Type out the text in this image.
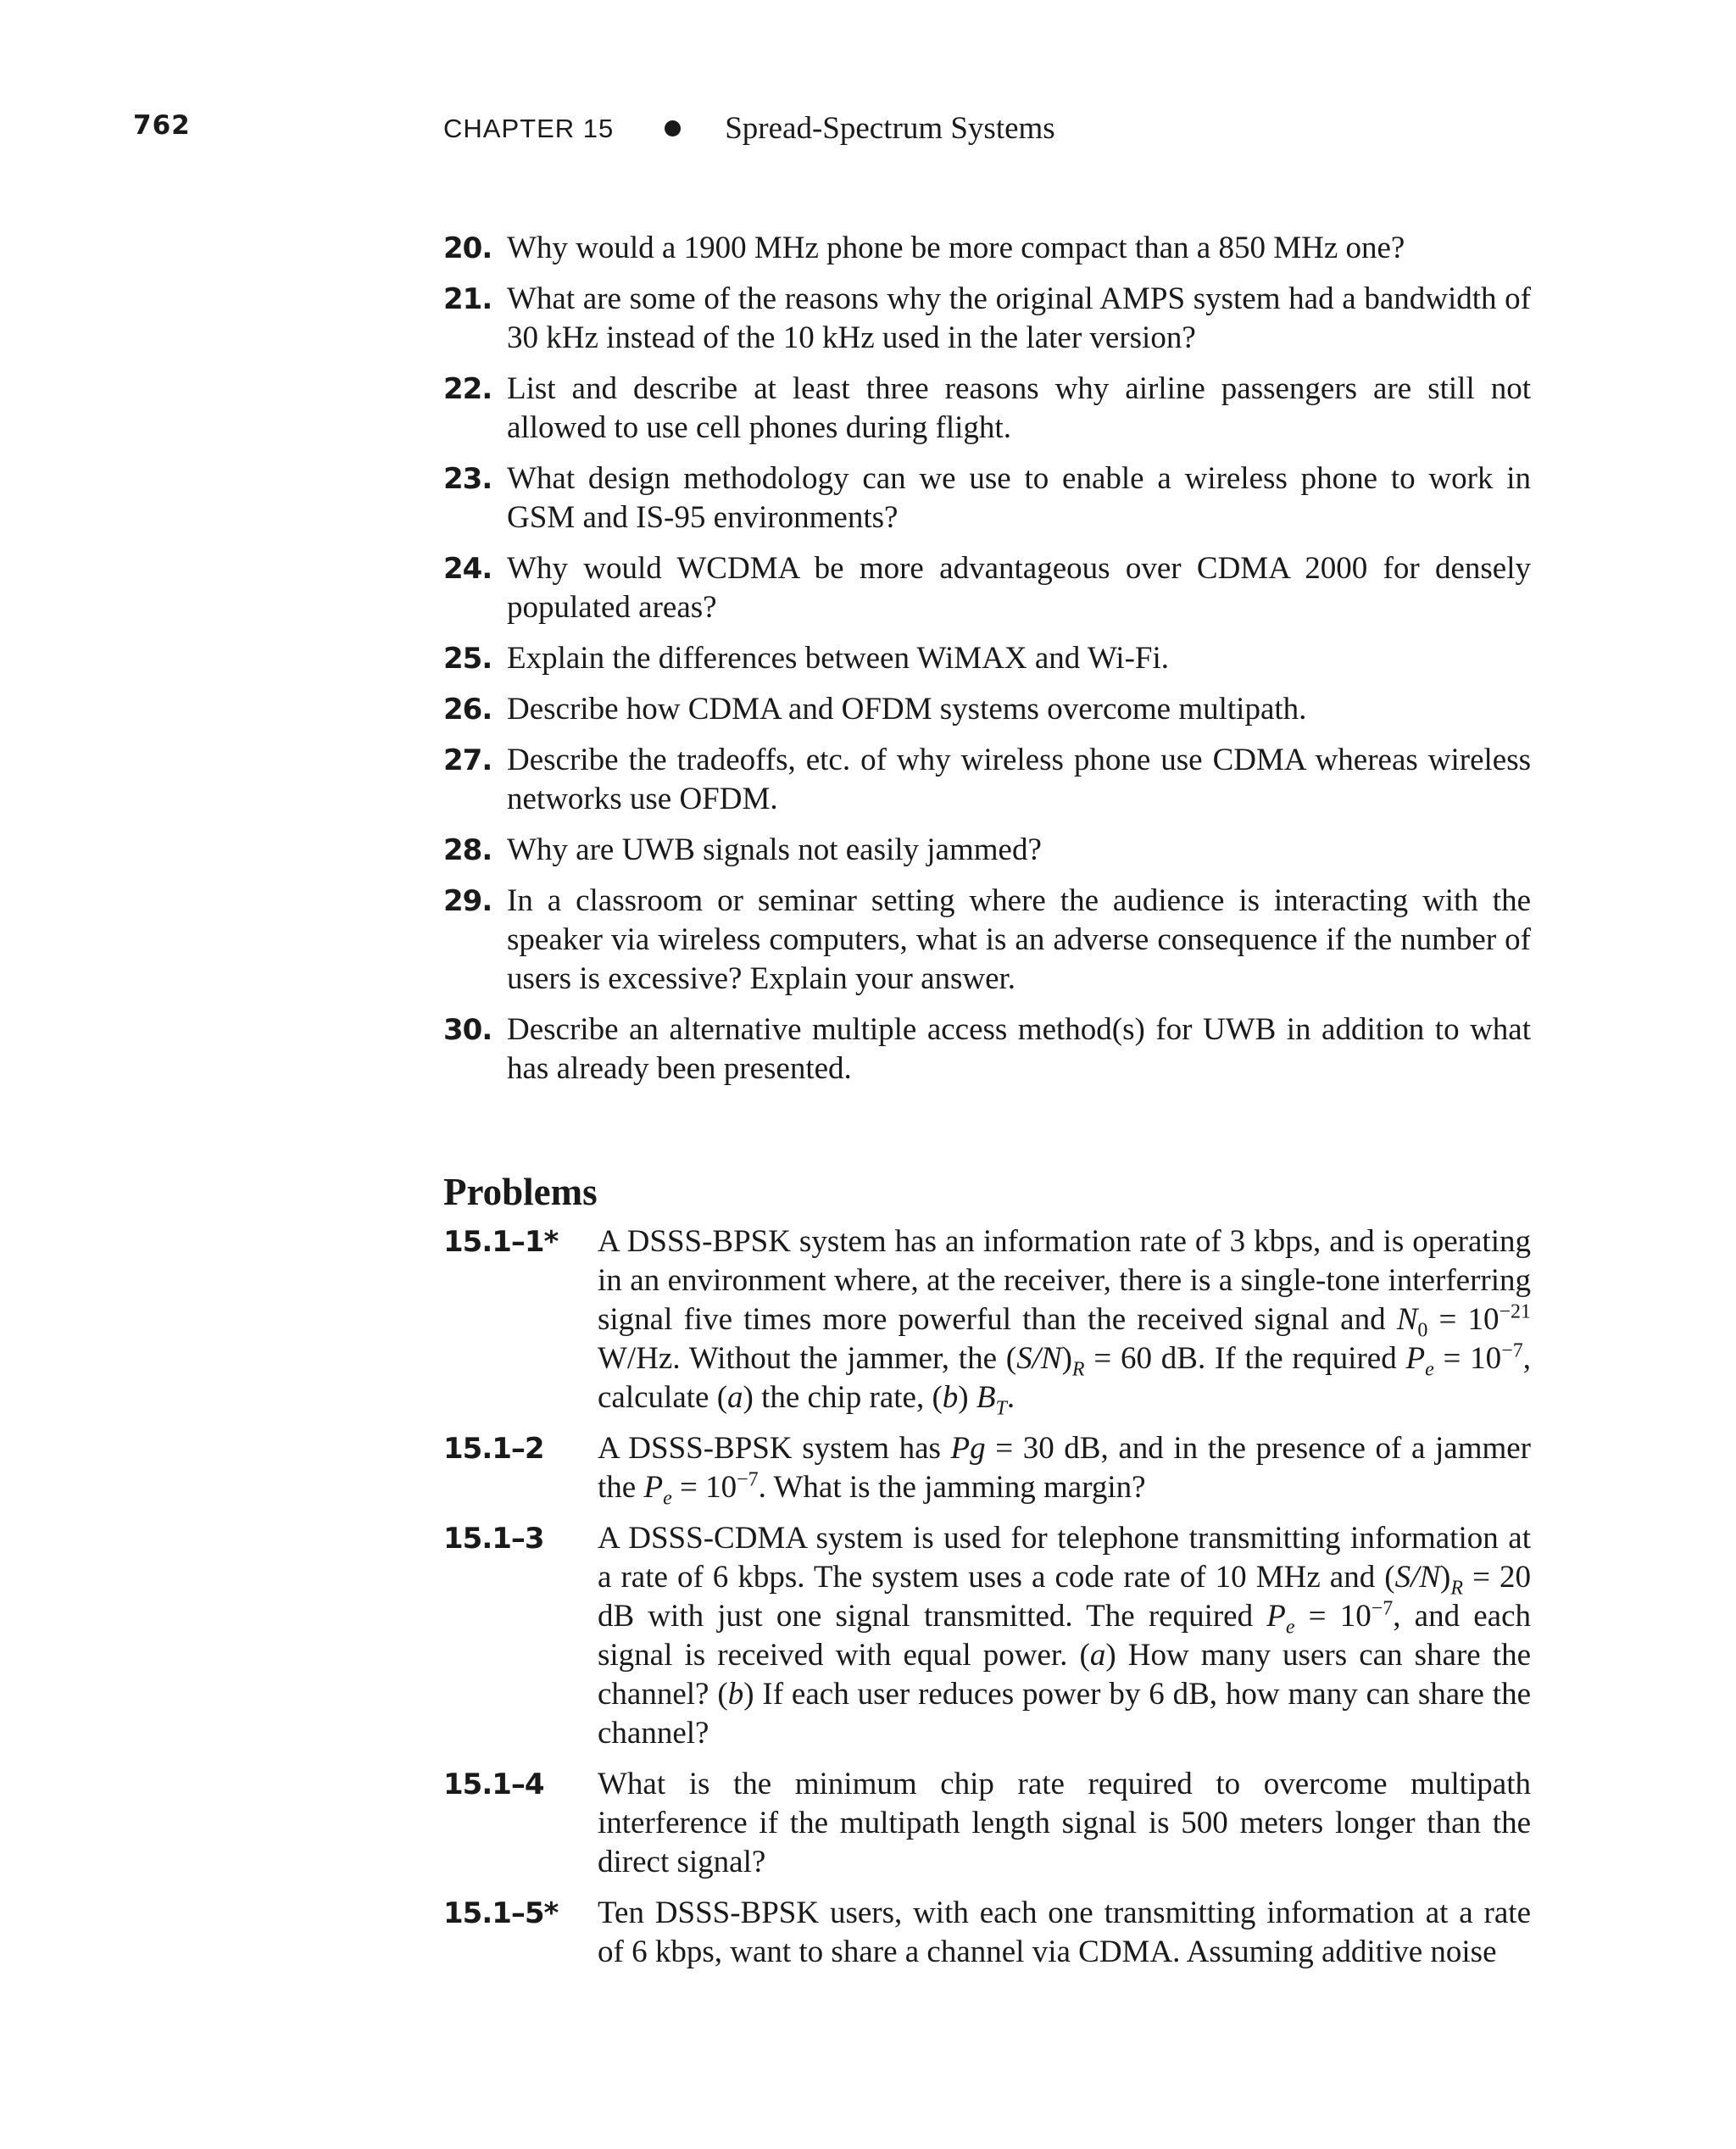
762	CHAPTER 15	Spread-Spectrum Systems
20. Why would a 1900 MHz phone be more compact than a 850 MHz one?
21. What are some of the reasons why the original AMPS system had a bandwidth of 30 kHz instead of the 10 kHz used in the later version?
22. List and describe at least three reasons why airline passengers are still not allowed to use cell phones during flight.
23. What design methodology can we use to enable a wireless phone to work in GSM and IS-95 environments?
24. Why would WCDMA be more advantageous over CDMA 2000 for densely populated areas?
25. Explain the differences between WiMAX and Wi-Fi.
26. Describe how CDMA and OFDM systems overcome multipath.
27. Describe the tradeoffs, etc. of why wireless phone use CDMA whereas wireless networks use OFDM.
28. Why are UWB signals not easily jammed?
29. In a classroom or seminar setting where the audience is interacting with the speaker via wireless computers, what is an adverse consequence if the number of users is excessive? Explain your answer.
30. Describe an alternative multiple access method(s) for UWB in addition to what has already been presented.
Problems
15.1–1*	A DSSS-BPSK system has an information rate of 3 kbps, and is operating in an environment where, at the receiver, there is a single-tone interferring signal five times more powerful than the received signal and $N_0 = 10^{-21}$ W/Hz. Without the jammer, the $(S/N)_R = 60$ dB. If the required $P_e = 10^{-7}$, calculate (a) the chip rate, (b) $B_T$.
15.1–2	A DSSS-BPSK system has Pg = 30 dB, and in the presence of a jammer the $P_e = 10^{-7}$. What is the jamming margin?
15.1–3	A DSSS-CDMA system is used for telephone transmitting information at a rate of 6 kbps. The system uses a code rate of 10 MHz and $(S/N)_R = 20$ dB with just one signal transmitted. The required $P_e = 10^{-7}$, and each signal is received with equal power. (a) How many users can share the channel? (b) If each user reduces power by 6 dB, how many can share the channel?
15.1–4	What is the minimum chip rate required to overcome multipath interference if the multipath length signal is 500 meters longer than the direct signal?
15.1–5*	Ten DSSS-BPSK users, with each one transmitting information at a rate of 6 kbps, want to share a channel via CDMA. Assuming additive noise
